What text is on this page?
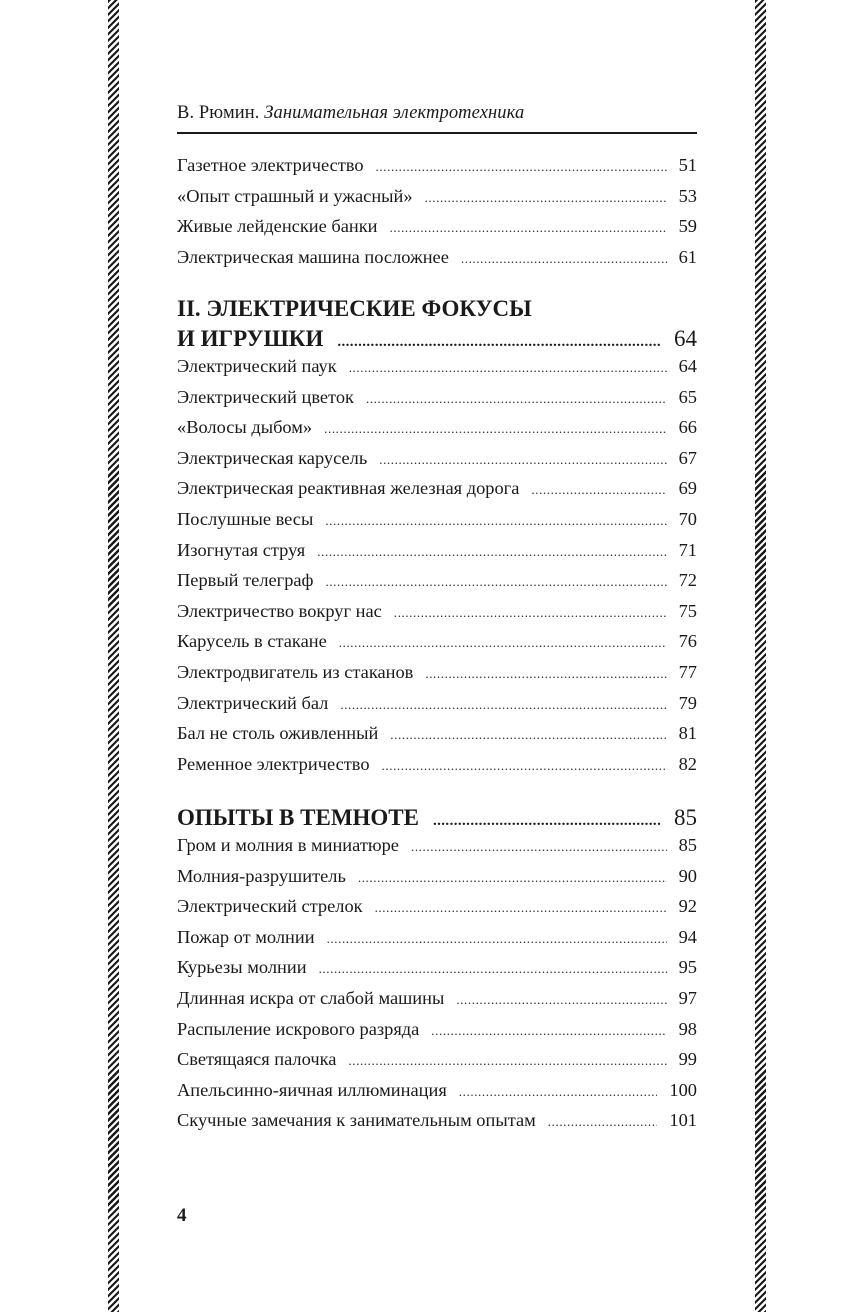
В. Рюмин. Занимательная электротехника
Газетное электричество .....	51
«Опыт страшный и ужасный» .....	53
Живые лейденские банки .....	59
Электрическая машина посложнее .....	61
II. ЭЛЕКТРИЧЕСКИЕ ФОКУСЫ
И ИГРУШКИ .....	64
Электрический паук .....	64
Электрический цветок .....	65
«Волосы дыбом» .....	66
Электрическая карусель .....	67
Электрическая реактивная железная дорога .....	69
Послушные весы .....	70
Изогнутая струя .....	71
Первый телеграф .....	72
Электричество вокруг нас .....	75
Карусель в стакане .....	76
Электродвигатель из стаканов .....	77
Электрический бал .....	79
Бал не столь оживленный .....	81
Ременное электричество .....	82
ОПЫТЫ В ТЕМНОТЕ .....	85
Гром и молния в миниатюре .....	85
Молния-разрушитель .....	90
Электрический стрелок .....	92
Пожар от молнии .....	94
Курьезы молнии .....	95
Длинная искра от слабой машины .....	97
Распыление искрового разряда .....	98
Светящаяся палочка .....	99
Апельсинно-яичная иллюминация .....	100
Скучные замечания к занимательным опытам .....	101
4
